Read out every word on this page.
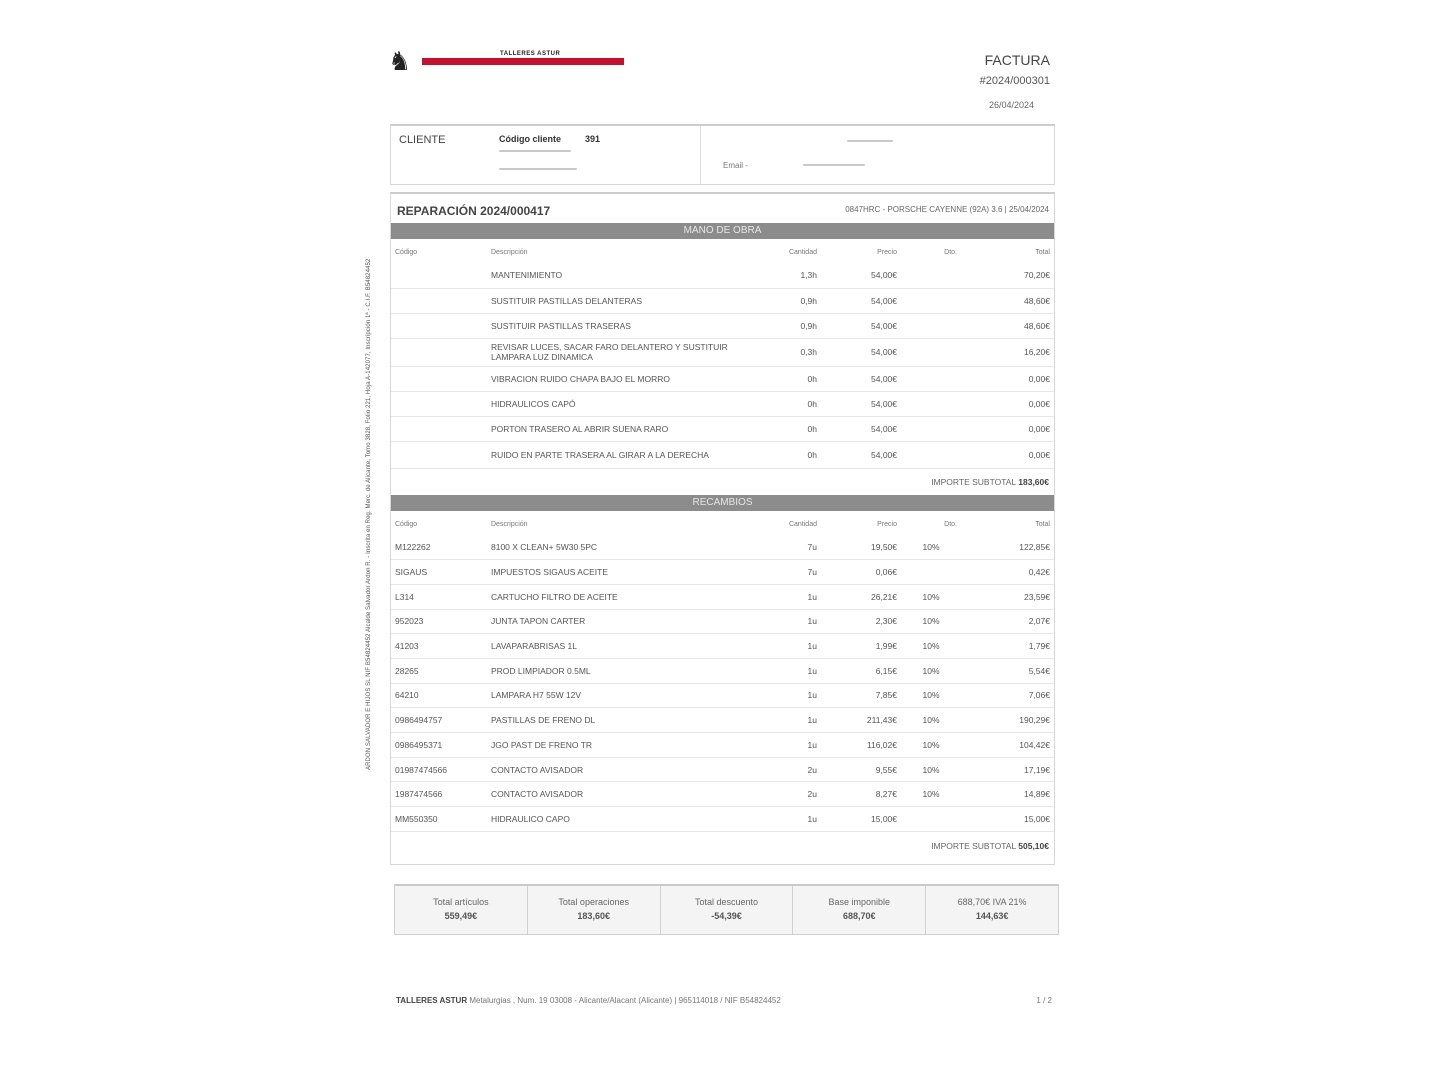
♞	TALLERES ASTUR	FACTURA
#2024/000301
26/04/2024
ARDON SALVADOR E HIJOS SL NIF B54824452 Alcalde Salvador Ardon R. - Inscrita en Reg. Merc. de Alicante, Tomo 3828, Folio 221, Hoja A-142077, Inscripción 1ª - C.I.F. B54824452
CLIENTE	Código cliente	391
Email -
REPARACIÓN 2024/000417	0847HRC - PORSCHE CAYENNE (92A) 3.6 | 25/04/2024
MANO DE OBRA
Código	Descripción	Cantidad	Precio	Dto.	Total
	MANTENIMIENTO	1,3h	54,00€		70,20€
	SUSTITUIR PASTILLAS DELANTERAS	0,9h	54,00€		48,60€
	SUSTITUIR PASTILLAS TRASERAS	0,9h	54,00€		48,60€
	REVISAR LUCES, SACAR FARO DELANTERO Y SUSTITUIR LAMPARA LUZ DINAMICA	0,3h	54,00€		16,20€
	VIBRACION RUIDO CHAPA BAJO EL MORRO	0h	54,00€		0,00€
	HIDRAULICOS CAPÓ	0h	54,00€		0,00€
	PORTON TRASERO AL ABRIR SUENA RARO	0h	54,00€		0,00€
	RUIDO EN PARTE TRASERA AL GIRAR A LA DERECHA	0h	54,00€		0,00€
IMPORTE SUBTOTAL 183,60€
RECAMBIOS
Código	Descripción	Cantidad	Precio	Dto.	Total
M122262	8100 X CLEAN+ 5W30 5PC	7u	19,50€	10%	122,85€
SIGAUS	IMPUESTOS SIGAUS ACEITE	7u	0,06€		0,42€
L314	CARTUCHO FILTRO DE ACEITE	1u	26,21€	10%	23,59€
952023	JUNTA TAPON CARTER	1u	2,30€	10%	2,07€
41203	LAVAPARABRISAS 1L	1u	1,99€	10%	1,79€
28265	PROD LIMPIADOR 0.5ML	1u	6,15€	10%	5,54€
64210	LAMPARA H7 55W 12V	1u	7,85€	10%	7,06€
0986494757	PASTILLAS DE FRENO DL	1u	211,43€	10%	190,29€
0986495371	JGO PAST DE FRENO TR	1u	116,02€	10%	104,42€
01987474566	CONTACTO AVISADOR	2u	9,55€	10%	17,19€
1987474566	CONTACTO AVISADOR	2u	8,27€	10%	14,89€
MM550350	HIDRAULICO CAPO	1u	15,00€		15,00€
IMPORTE SUBTOTAL 505,10€
Total artículos
559,49€
Total operaciones
183,60€
Total descuento
-54,39€
Base imponible
688,70€
688,70€ IVA 21%
144,63€
TALLERES ASTUR Metalurgias , Num. 19 03008 - Alicante/Alacant (Alicante) | 965114018 / NIF B54824452	1 / 2
